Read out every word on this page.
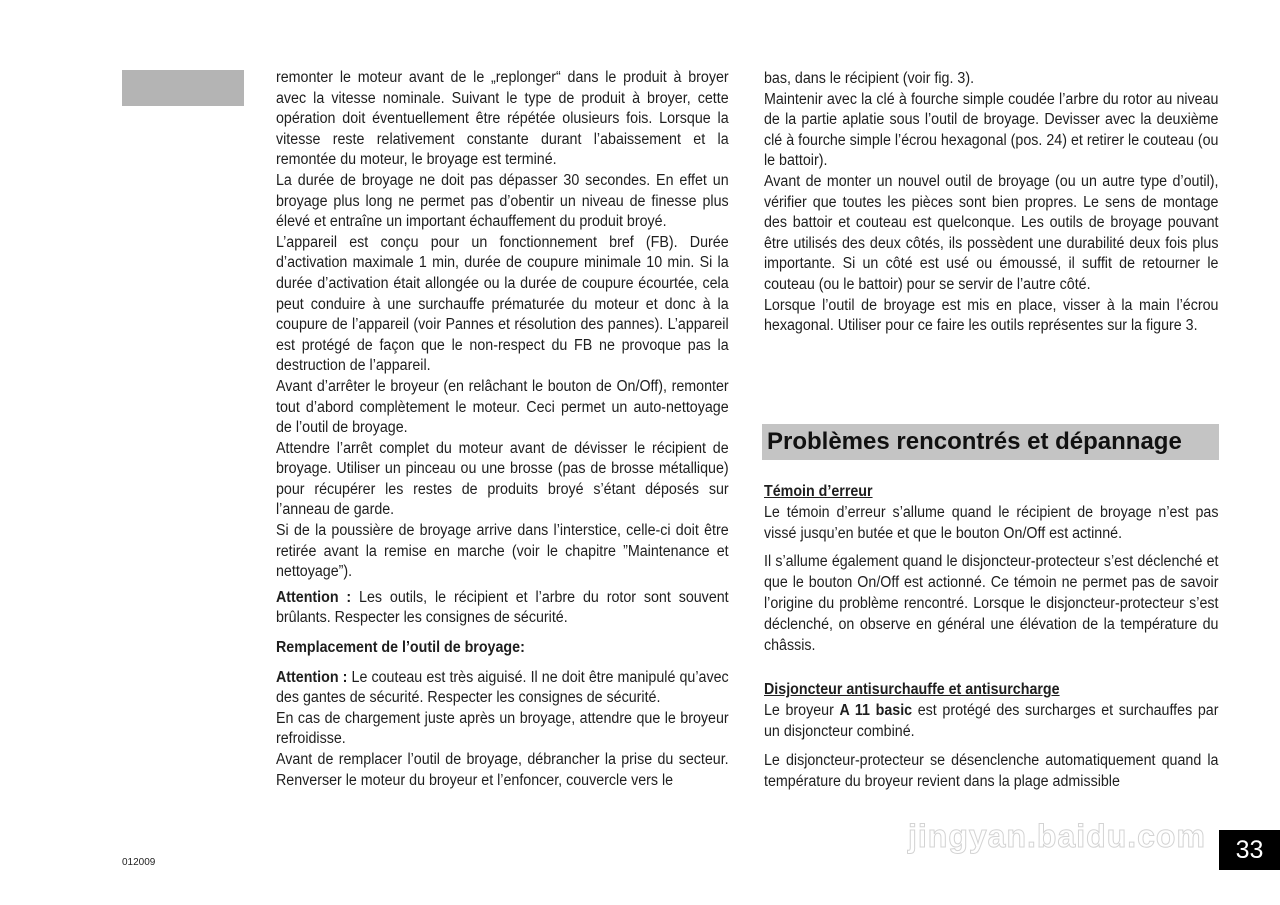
remonter le moteur avant de le „replonger“ dans le produit à broyer avec la vitesse nominale. Suivant le type de produit à broyer, cette opération doit éventuellement être répétée olusieurs fois. Lorsque la vitesse reste relativement constante durant l’abaissement et la remontée du moteur, le broyage est terminé.

La durée de broyage ne doit pas dépasser 30 secondes. En effet un broyage plus long ne permet pas d’obentir un niveau de finesse plus élevé et entraîne un important échauffement du produit broyé.

L’appareil est conçu pour un fonctionnement bref (FB). Durée d’activation maximale 1 min, durée de coupure minimale 10 min. Si la durée d’activation était allongée ou la durée de coupure écourtée, cela peut conduire à une surchauffe prématurée du moteur et donc à la coupure de l’appareil (voir Pannes et résolution des pannes). L’appareil est protégé de façon que le non-respect du FB ne provoque pas la destruction de l’appareil.

Avant d’arrêter le broyeur (en relâchant le bouton de On/Off), remonter tout d’abord complètement le moteur. Ceci permet un auto-nettoyage de l’outil de broyage.

Attendre l’arrêt complet du moteur avant de dévisser le récipient de broyage. Utiliser un pinceau ou une brosse (pas de brosse métallique) pour récupérer les restes de produits broyé s’étant déposés sur l’anneau de garde.

Si de la poussière de broyage arrive dans l’interstice, celle-ci doit être retirée avant la remise en marche (voir le chapitre ”Maintenance et nettoyage”).

Attention : Les outils, le récipient et l’arbre du rotor sont souvent brûlants. Respecter les consignes de sécurité.

Remplacement de l’outil de broyage:

Attention : Le couteau est très aiguisé. Il ne doit être manipulé qu’avec des gantes de sécurité. Respecter les consignes de sécurité.

En cas de chargement juste après un broyage, attendre que le broyeur refroidisse.

Avant de remplacer l’outil de broyage, débrancher la prise du secteur. Renverser le moteur du broyeur et l’enfoncer, couvercle vers le

bas, dans le récipient (voir fig. 3).

Maintenir avec la clé à fourche simple coudée l’arbre du rotor au niveau de la partie aplatie sous l’outil de broyage. Devisser avec la deuxième clé à fourche simple l’écrou hexagonal (pos. 24) et retirer le couteau (ou le battoir).

Avant de monter un nouvel outil de broyage (ou un autre type d’outil), vérifier que toutes les pièces sont bien propres. Le sens de montage des battoir et couteau est quelconque. Les outils de broyage pouvant être utilisés des deux côtés, ils possèdent une durabilité deux fois plus importante. Si un côté est usé ou émoussé, il suffit de retourner le couteau (ou le battoir) pour se servir de l’autre côté.

Lorsque l’outil de broyage est mis en place, visser à la main l’écrou hexagonal. Utiliser pour ce faire les outils représentes sur la figure 3.

Problèmes rencontrés et dépannage

Témoin d’erreur

Le témoin d’erreur s’allume quand le récipient de broyage n’est pas vissé jusqu’en butée et que le bouton On/Off est actinné.

Il s’allume également quand le disjoncteur-protecteur s’est déclenché et que le bouton On/Off est actionné. Ce témoin ne permet pas de savoir l’origine du problème rencontré. Lorsque le disjoncteur-protecteur s’est déclenché, on observe en général une élévation de la température du châssis.

Disjoncteur antisurchauffe et antisurcharge

Le broyeur A 11 basic est protégé des surcharges et surchauffes par un disjoncteur combiné.

Le disjoncteur-protecteur se désenclenche automatiquement quand la température du broyeur revient dans la plage admissible

jingyan.baidu.com
012009	33
